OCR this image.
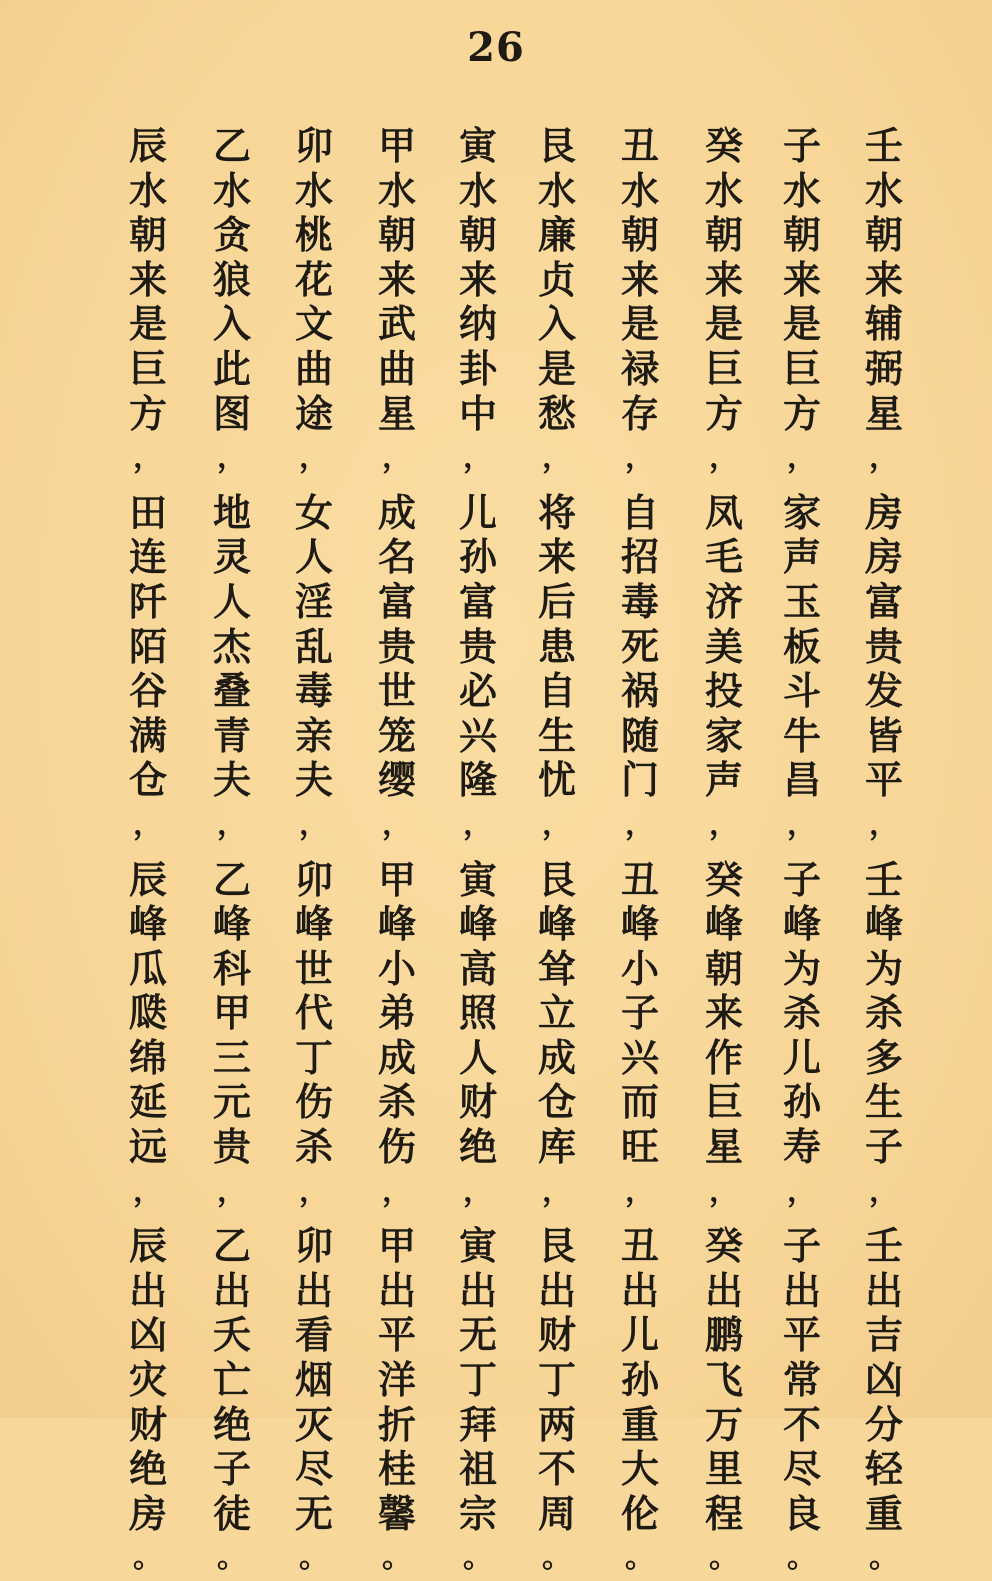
26
壬
水
朝
来
辅
弼
星
，
房
房
富
贵
发
皆
平
，
壬
峰
为
杀
多
生
子
，
壬
出
吉
凶
分
轻
重
。
子
水
朝
来
是
巨
方
，
家
声
玉
板
斗
牛
昌
，
子
峰
为
杀
儿
孙
寿
，
子
出
平
常
不
尽
良
。
癸
水
朝
来
是
巨
方
，
凤
毛
济
美
投
家
声
，
癸
峰
朝
来
作
巨
星
，
癸
出
鹏
飞
万
里
程
。
丑
水
朝
来
是
禄
存
，
自
招
毒
死
祸
随
门
，
丑
峰
小
子
兴
而
旺
，
丑
出
儿
孙
重
大
伦
。
艮
水
廉
贞
入
是
愁
，
将
来
后
患
自
生
忧
，
艮
峰
耸
立
成
仓
库
，
艮
出
财
丁
两
不
周
。
寅
水
朝
来
纳
卦
中
，
儿
孙
富
贵
必
兴
隆
，
寅
峰
高
照
人
财
绝
，
寅
出
无
丁
拜
祖
宗
。
甲
水
朝
来
武
曲
星
，
成
名
富
贵
世
笼
缨
，
甲
峰
小
弟
成
杀
伤
，
甲
出
平
洋
折
桂
馨
。
卯
水
桃
花
文
曲
途
，
女
人
淫
乱
毒
亲
夫
，
卯
峰
世
代
丁
伤
杀
，
卯
出
看
烟
灭
尽
无
。
乙
水
贪
狼
入
此
图
，
地
灵
人
杰
叠
青
夫
，
乙
峰
科
甲
三
元
贵
，
乙
出
夭
亡
绝
子
徒
。
辰
水
朝
来
是
巨
方
，
田
连
阡
陌
谷
满
仓
，
辰
峰
瓜
瓞
绵
延
远
，
辰
出
凶
灾
财
绝
房
。
